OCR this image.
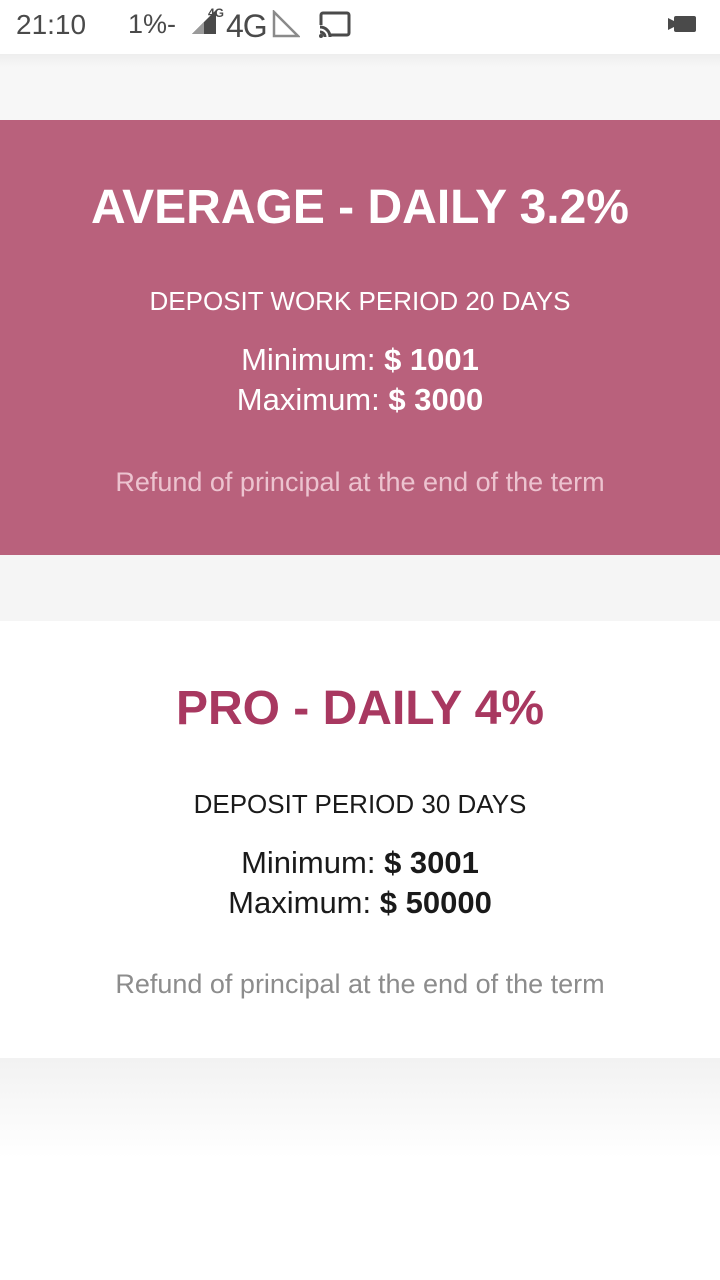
21:10 1%-	4G 4G
AVERAGE - DAILY 3.2%
DEPOSIT WORK PERIOD 20 DAYS
Minimum: $ 1001
Maximum: $ 3000
Refund of principal at the end of the term
PRO - DAILY 4%
DEPOSIT PERIOD 30 DAYS
Minimum: $ 3001
Maximum: $ 50000
Refund of principal at the end of the term
